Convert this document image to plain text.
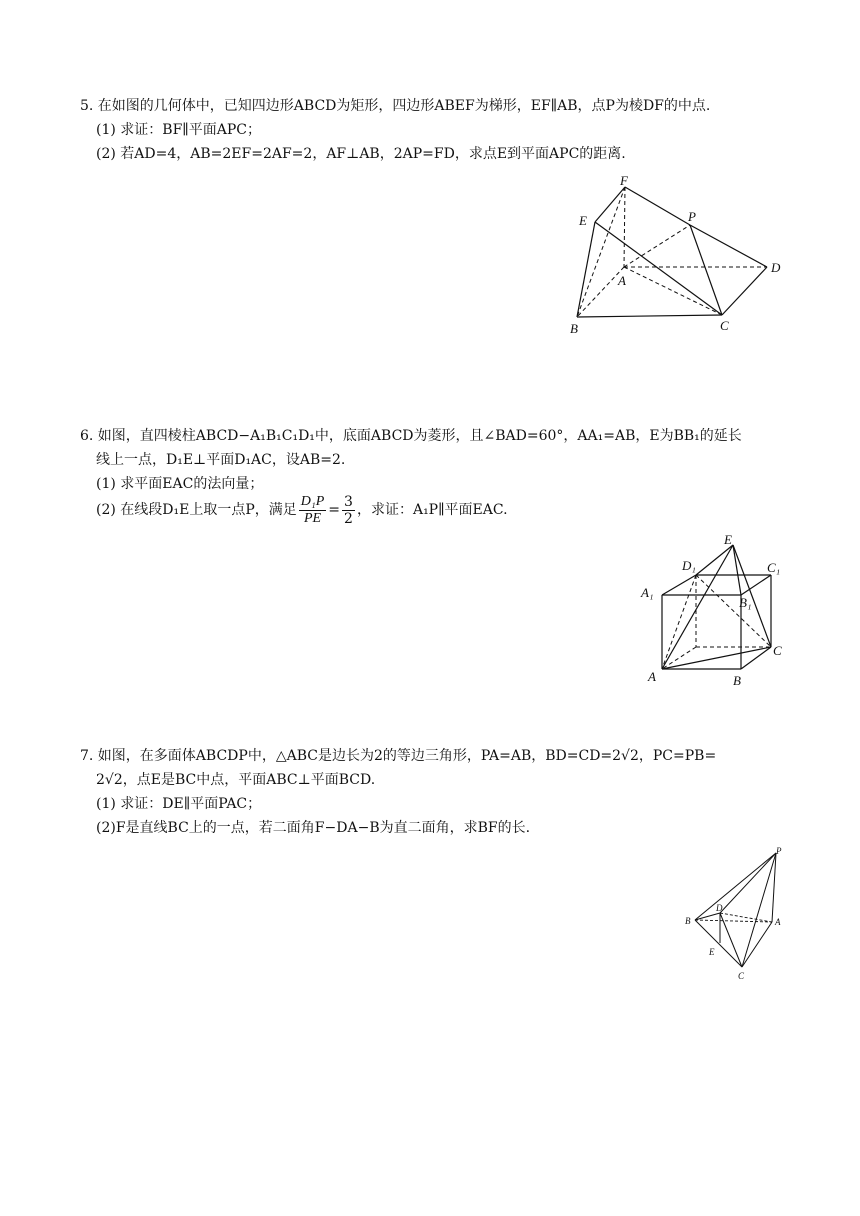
5. 在如图的几何体中，已知四边形ABCD为矩形，四边形ABEF为梯形，EF∥AB，点P为棱DF的中点.
(1) 求证：BF∥平面APC；
(2) 若AD=4，AB=2EF=2AF=2，AF⊥AB，2AP=FD，求点E到平面APC的距离.
F
E	P
D
A
B	C
6. 如图，直四棱柱ABCD−A₁B₁C₁D₁中，底面ABCD为菱形，且∠BAD=60°，AA₁=AB，E为BB₁的延长
线上一点，D₁E⊥平面D₁AC，设AB=2.
(1) 求平面EAC的法向量；
(2) 在线段D₁E上取一点P，满足 $\frac{\text{D₁P}}{PE} = \frac{3}{2}$ ，求证：A₁P∥平面EAC.
E
D₁	C₁
A₁
B₁
C
A	B
7. 如图，在多面体ABCDP中，△ABC是边长为2的等边三角形，PA=AB，BD=CD=2√2，PC=PB=
2√2，点E是BC中点，平面ABC⊥平面BCD.
(1) 求证：DE∥平面PAC；
(2)F是直线BC上的一点，若二面角F−DA−B为直二面角，求BF的长.
P
D
B	A
E
C
